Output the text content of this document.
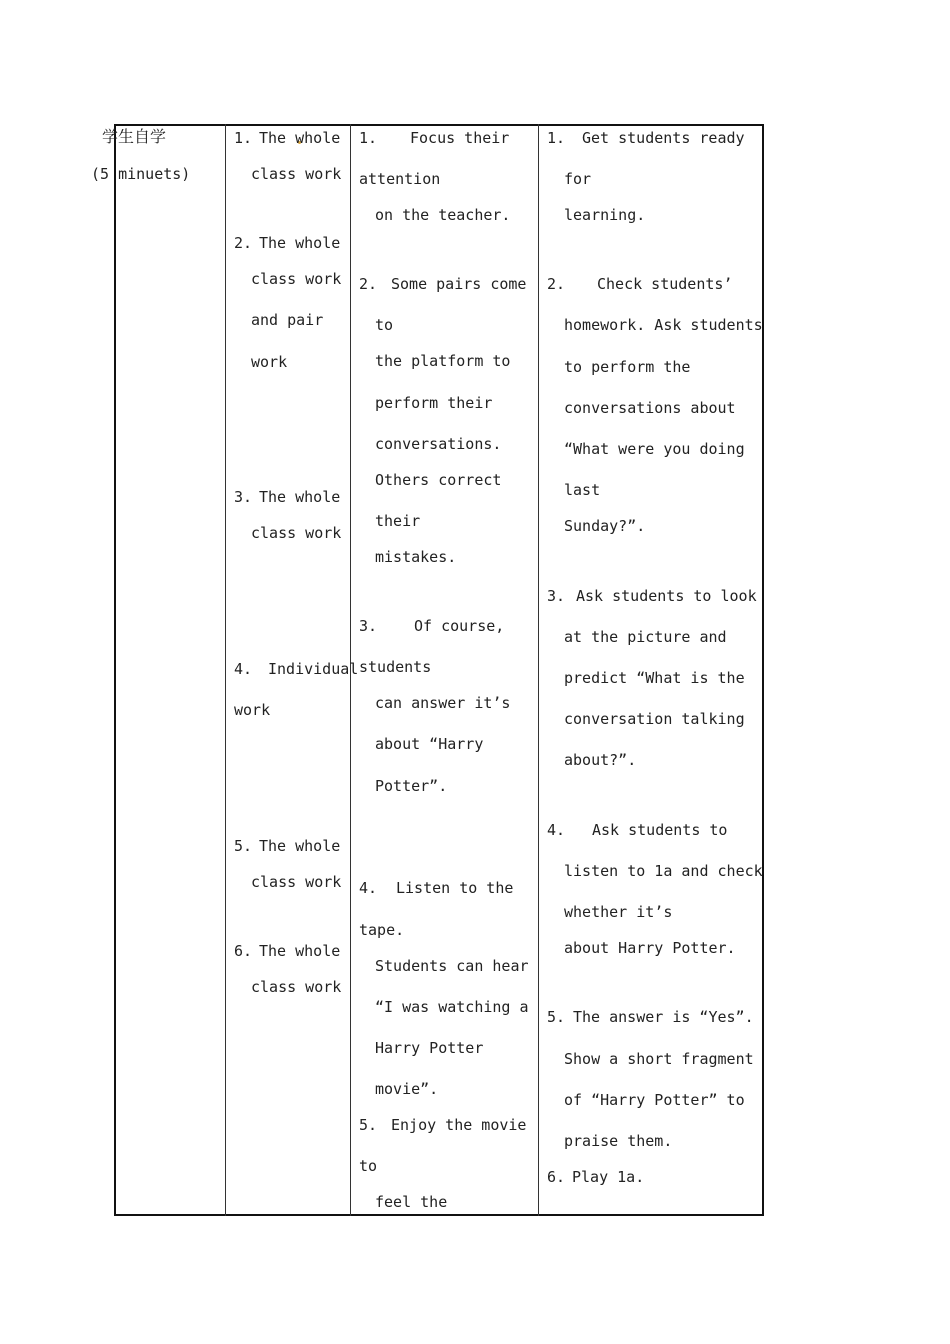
学生自学
(5 minuets)
1. The whole
class work
2. The whole
class work
and pair
work
3. The whole
class work
4. Individual
work
5. The whole
class work
6. The whole
class work
1. Focus their
attention
on the teacher.
2. Some pairs come
to
the platform to
perform their
conversations.
Others correct
their
mistakes.
3. Of course,
students
can answer it’s
about “Harry
Potter”.
4. Listen to the
tape.
Students can hear
“I was watching a
Harry Potter
movie”.
5. Enjoy the movie
to
feel the
1. Get students ready
for
learning.
2. Check students’
homework. Ask students
to perform the
conversations about
“What were you doing
last
Sunday?”.
3. Ask students to look
at the picture and
predict “What is the
conversation talking
about?”.
4. Ask students to
listen to 1a and check
whether it’s
about Harry Potter.
5. The answer is “Yes”.
Show a short fragment
of “Harry Potter” to
praise them.
6. Play 1a.
